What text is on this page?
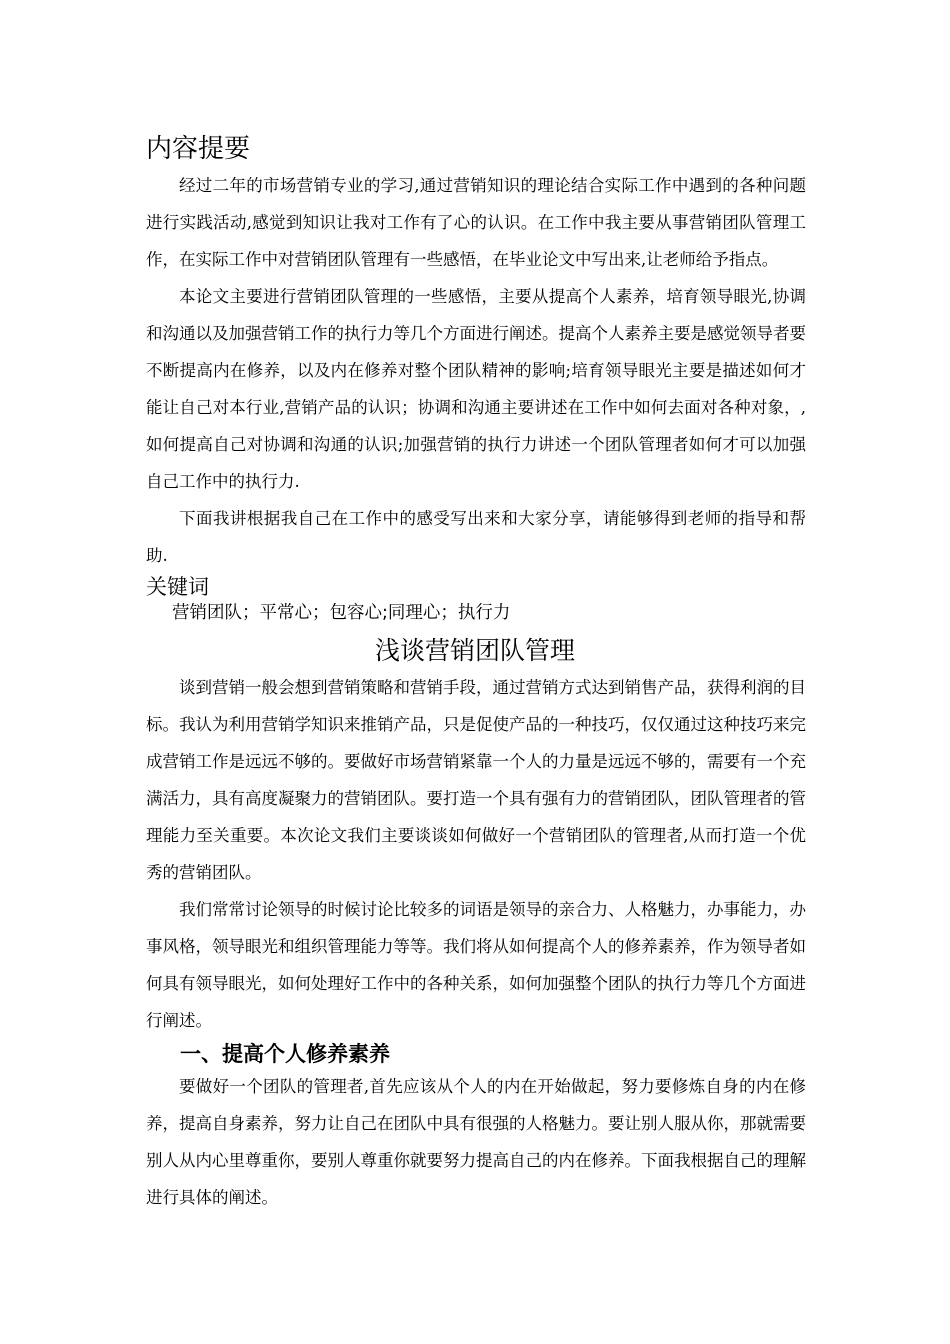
内容提要

经过二年的市场营销专业的学习,通过营销知识的理论结合实际工作中遇到的各种问题进行实践活动,感觉到知识让我对工作有了心的认识。在工作中我主要从事营销团队管理工作，在实际工作中对营销团队管理有一些感悟，在毕业论文中写出来,让老师给予指点。

本论文主要进行营销团队管理的一些感悟，主要从提高个人素养，培育领导眼光,协调和沟通以及加强营销工作的执行力等几个方面进行阐述。提高个人素养主要是感觉领导者要不断提高内在修养，以及内在修养对整个团队精神的影响;培育领导眼光主要是描述如何才能让自己对本行业,营销产品的认识；协调和沟通主要讲述在工作中如何去面对各种对象，,如何提高自己对协调和沟通的认识;加强营销的执行力讲述一个团队管理者如何才可以加强自己工作中的执行力.

下面我讲根据我自己在工作中的感受写出来和大家分享，请能够得到老师的指导和帮助.

关键词
营销团队；平常心；包容心;同理心；执行力
浅谈营销团队管理

谈到营销一般会想到营销策略和营销手段，通过营销方式达到销售产品，获得利润的目标。我认为利用营销学知识来推销产品，只是促使产品的一种技巧，仅仅通过这种技巧来完成营销工作是远远不够的。要做好市场营销紧靠一个人的力量是远远不够的，需要有一个充满活力，具有高度凝聚力的营销团队。要打造一个具有强有力的营销团队，团队管理者的管理能力至关重要。本次论文我们主要谈谈如何做好一个营销团队的管理者,从而打造一个优秀的营销团队。

我们常常讨论领导的时候讨论比较多的词语是领导的亲合力、人格魅力，办事能力，办事风格，领导眼光和组织管理能力等等。我们将从如何提高个人的修养素养，作为领导者如何具有领导眼光，如何处理好工作中的各种关系，如何加强整个团队的执行力等几个方面进行阐述。

一、提高个人修养素养

要做好一个团队的管理者,首先应该从个人的内在开始做起，努力要修炼自身的内在修养，提高自身素养，努力让自己在团队中具有很强的人格魅力。要让别人服从你，那就需要别人从内心里尊重你，要别人尊重你就要努力提高自己的内在修养。下面我根据自己的理解进行具体的阐述。
